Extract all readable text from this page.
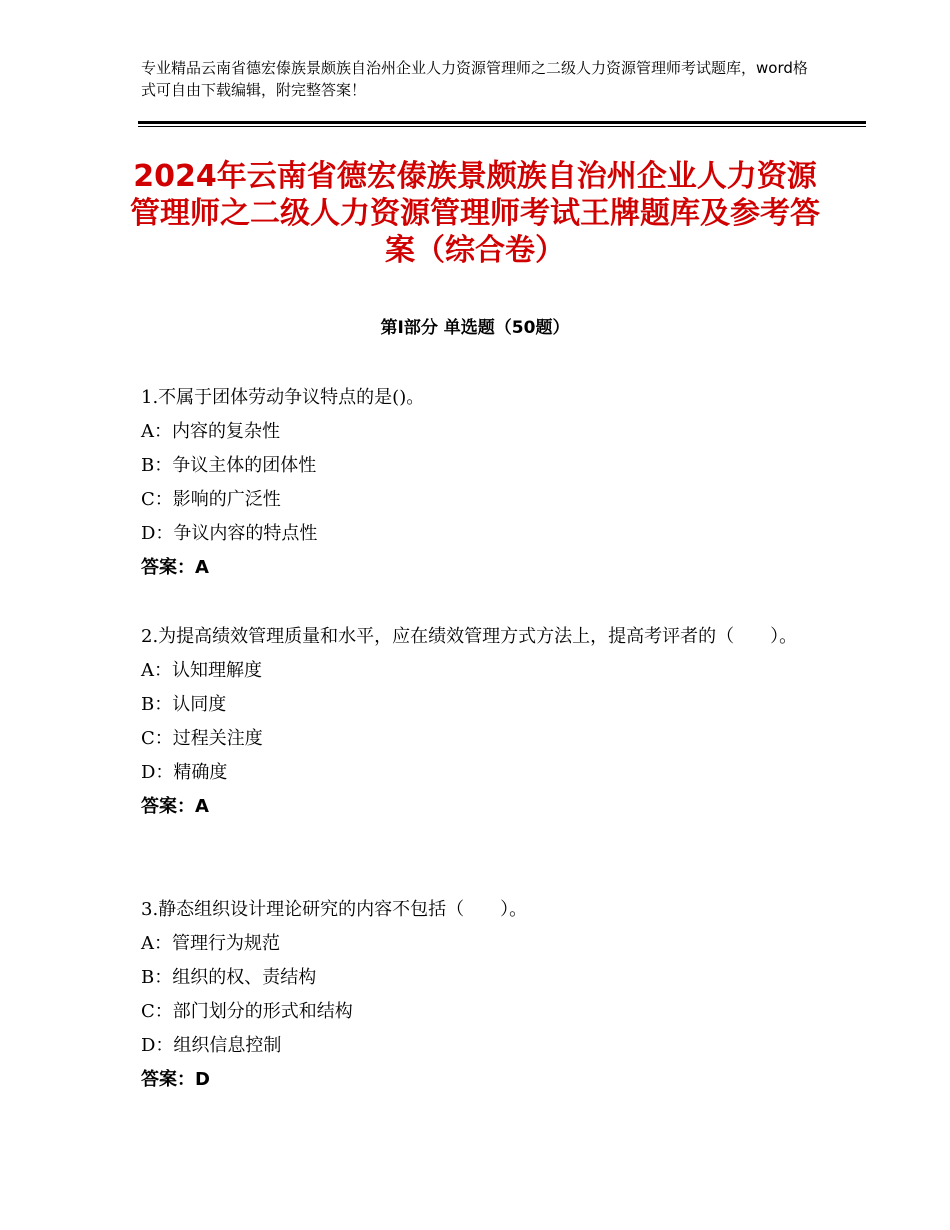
专业精品云南省德宏傣族景颇族自治州企业人力资源管理师之二级人力资源管理师考试题库，word格式可自由下载编辑，附完整答案！
2024年云南省德宏傣族景颇族自治州企业人力资源管理师之二级人力资源管理师考试王牌题库及参考答案（综合卷）
第Ⅰ部分 单选题（50题）

1.不属于团体劳动争议特点的是()。

A：内容的复杂性

B：争议主体的团体性

C：影响的广泛性

D：争议内容的特点性

答案：A

2.为提高绩效管理质量和水平，应在绩效管理方式方法上，提高考评者的（　　）。

A：认知理解度

B：认同度

C：过程关注度

D：精确度

答案：A

3.静态组织设计理论研究的内容不包括（　　）。

A：管理行为规范

B：组织的权、责结构

C：部门划分的形式和结构

D：组织信息控制

答案：D
